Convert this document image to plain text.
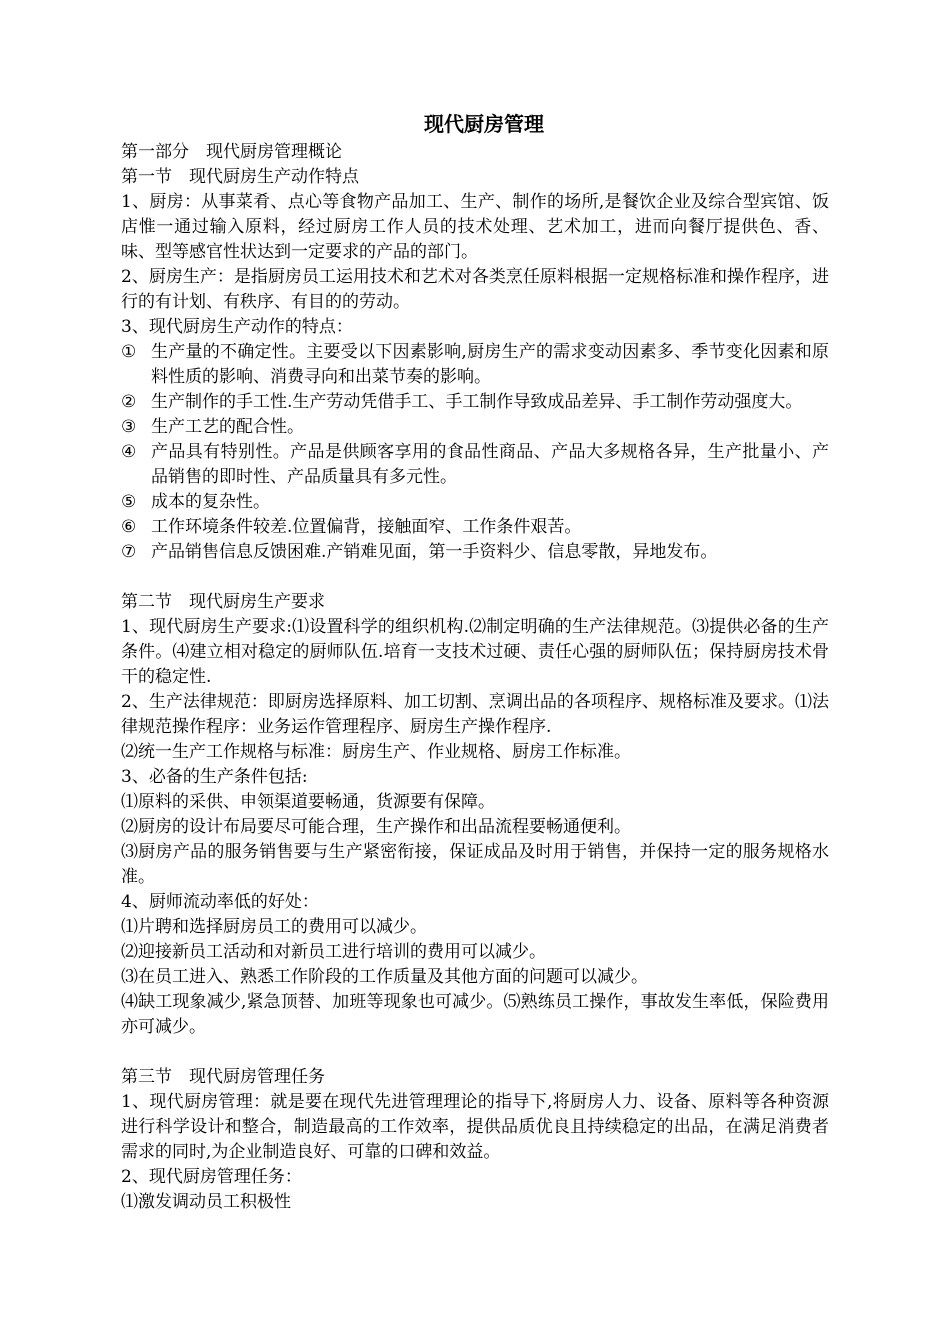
现代厨房管理

第一部分　现代厨房管理概论

第一节　现代厨房生产动作特点

1、厨房：从事菜肴、点心等食物产品加工、生产、制作的场所,是餐饮企业及综合型宾馆、饭店惟一通过输入原料，经过厨房工作人员的技术处理、艺术加工，进而向餐厅提供色、香、味、型等感官性状达到一定要求的产品的部门。

2、厨房生产：是指厨房员工运用技术和艺术对各类烹任原料根据一定规格标准和操作程序，进行的有计划、有秩序、有目的的劳动。

3、现代厨房生产动作的特点：

① 生产量的不确定性。主要受以下因素影响,厨房生产的需求变动因素多、季节变化因素和原料性质的影响、消费寻向和出菜节奏的影响。
② 生产制作的手工性.生产劳动凭借手工、手工制作导致成品差异、手工制作劳动强度大。
③ 生产工艺的配合性。
④ 产品具有特别性。产品是供顾客享用的食品性商品、产品大多规格各异，生产批量小、产品销售的即时性、产品质量具有多元性。
⑤ 成本的复杂性。
⑥ 工作环境条件较差.位置偏背，接触面窄、工作条件艰苦。
⑦ 产品销售信息反馈困难.产销难见面，第一手资料少、信息零散，异地发布。

第二节　现代厨房生产要求

1、现代厨房生产要求:⑴设置科学的组织机构.⑵制定明确的生产法律规范。⑶提供必备的生产条件。⑷建立相对稳定的厨师队伍.培育一支技术过硬、责任心强的厨师队伍；保持厨房技术骨干的稳定性.

2、生产法律规范：即厨房选择原料、加工切割、烹调出品的各项程序、规格标准及要求。⑴法律规范操作程序：业务运作管理程序、厨房生产操作程序.

⑵统一生产工作规格与标准：厨房生产、作业规格、厨房工作标准。

3、必备的生产条件包括:

⑴原料的采供、申领渠道要畅通，货源要有保障。

⑵厨房的设计布局要尽可能合理，生产操作和出品流程要畅通便利。

⑶厨房产品的服务销售要与生产紧密衔接，保证成品及时用于销售，并保持一定的服务规格水准。

4、厨师流动率低的好处：

⑴片聘和选择厨房员工的费用可以减少。

⑵迎接新员工活动和对新员工进行培训的费用可以减少。

⑶在员工进入、熟悉工作阶段的工作质量及其他方面的问题可以减少。

⑷缺工现象减少,紧急顶替、加班等现象也可减少。⑸熟练员工操作，事故发生率低，保险费用亦可减少。

第三节　现代厨房管理任务

1、现代厨房管理：就是要在现代先进管理理论的指导下,将厨房人力、设备、原料等各种资源进行科学设计和整合，制造最高的工作效率，提供品质优良且持续稳定的出品，在满足消费者需求的同时,为企业制造良好、可靠的口碑和效益。

2、现代厨房管理任务：

⑴激发调动员工积极性
